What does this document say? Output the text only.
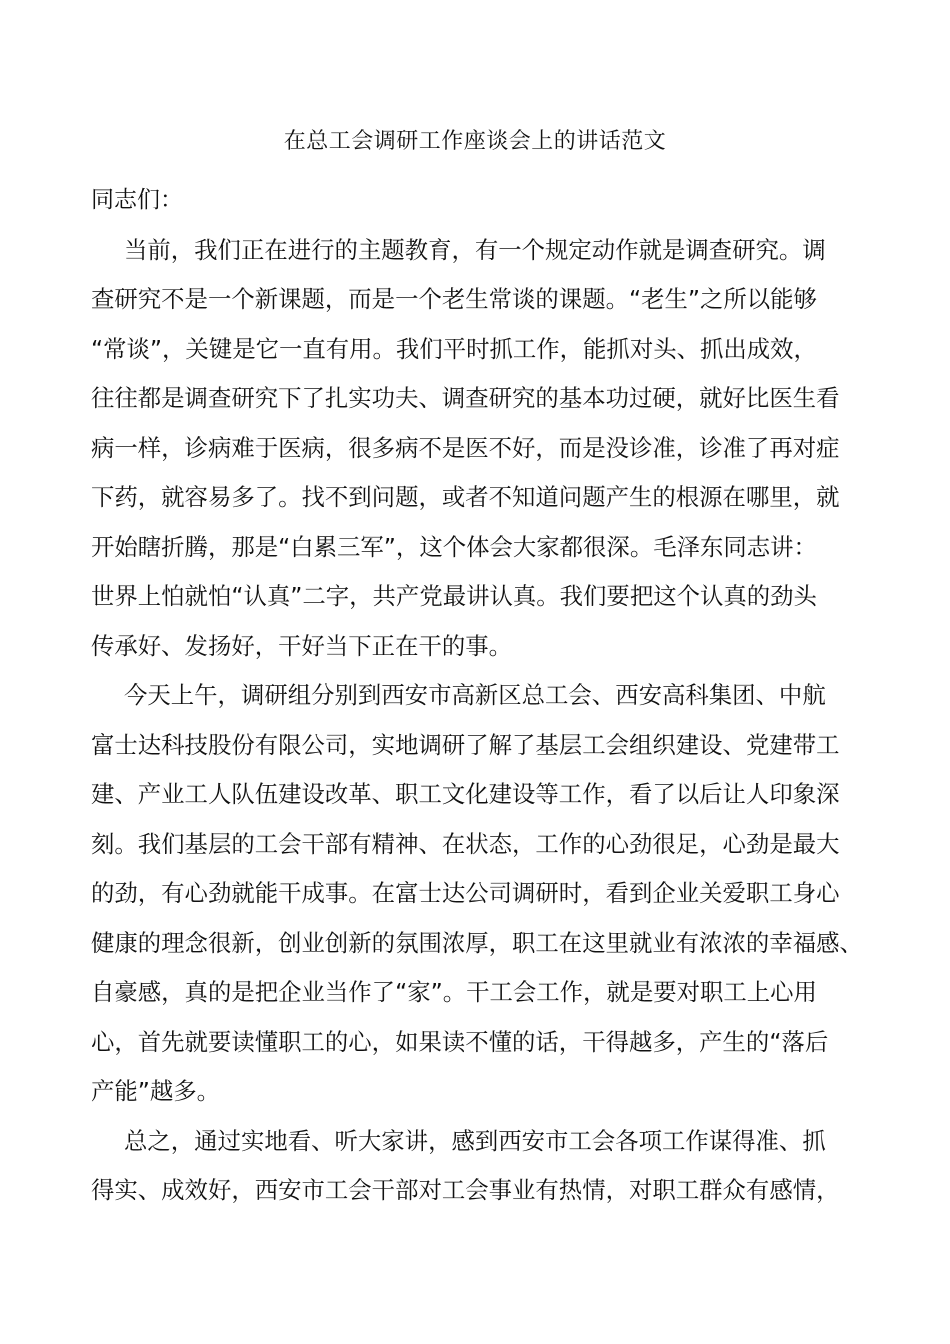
在总工会调研工作座谈会上的讲话范文
同志们：
当前，我们正在进行的主题教育，有一个规定动作就是调查研究。调
查研究不是一个新课题，而是一个老生常谈的课题。“老生”之所以能够
“常谈”，关键是它一直有用。我们平时抓工作，能抓对头、抓出成效，
往往都是调查研究下了扎实功夫、调查研究的基本功过硬，就好比医生看
病一样，诊病难于医病，很多病不是医不好，而是没诊准，诊准了再对症
下药，就容易多了。找不到问题，或者不知道问题产生的根源在哪里，就
开始瞎折腾，那是“白累三军”，这个体会大家都很深。毛泽东同志讲：
世界上怕就怕“认真”二字，共产党最讲认真。我们要把这个认真的劲头
传承好、发扬好，干好当下正在干的事。
今天上午，调研组分别到西安市高新区总工会、西安高科集团、中航
富士达科技股份有限公司，实地调研了解了基层工会组织建设、党建带工
建、产业工人队伍建设改革、职工文化建设等工作，看了以后让人印象深
刻。我们基层的工会干部有精神、在状态，工作的心劲很足，心劲是最大
的劲，有心劲就能干成事。在富士达公司调研时，看到企业关爱职工身心
健康的理念很新，创业创新的氛围浓厚，职工在这里就业有浓浓的幸福感、
自豪感，真的是把企业当作了“家”。干工会工作，就是要对职工上心用
心，首先就要读懂职工的心，如果读不懂的话，干得越多，产生的“落后
产能”越多。
总之，通过实地看、听大家讲，感到西安市工会各项工作谋得准、抓
得实、成效好，西安市工会干部对工会事业有热情，对职工群众有感情，
